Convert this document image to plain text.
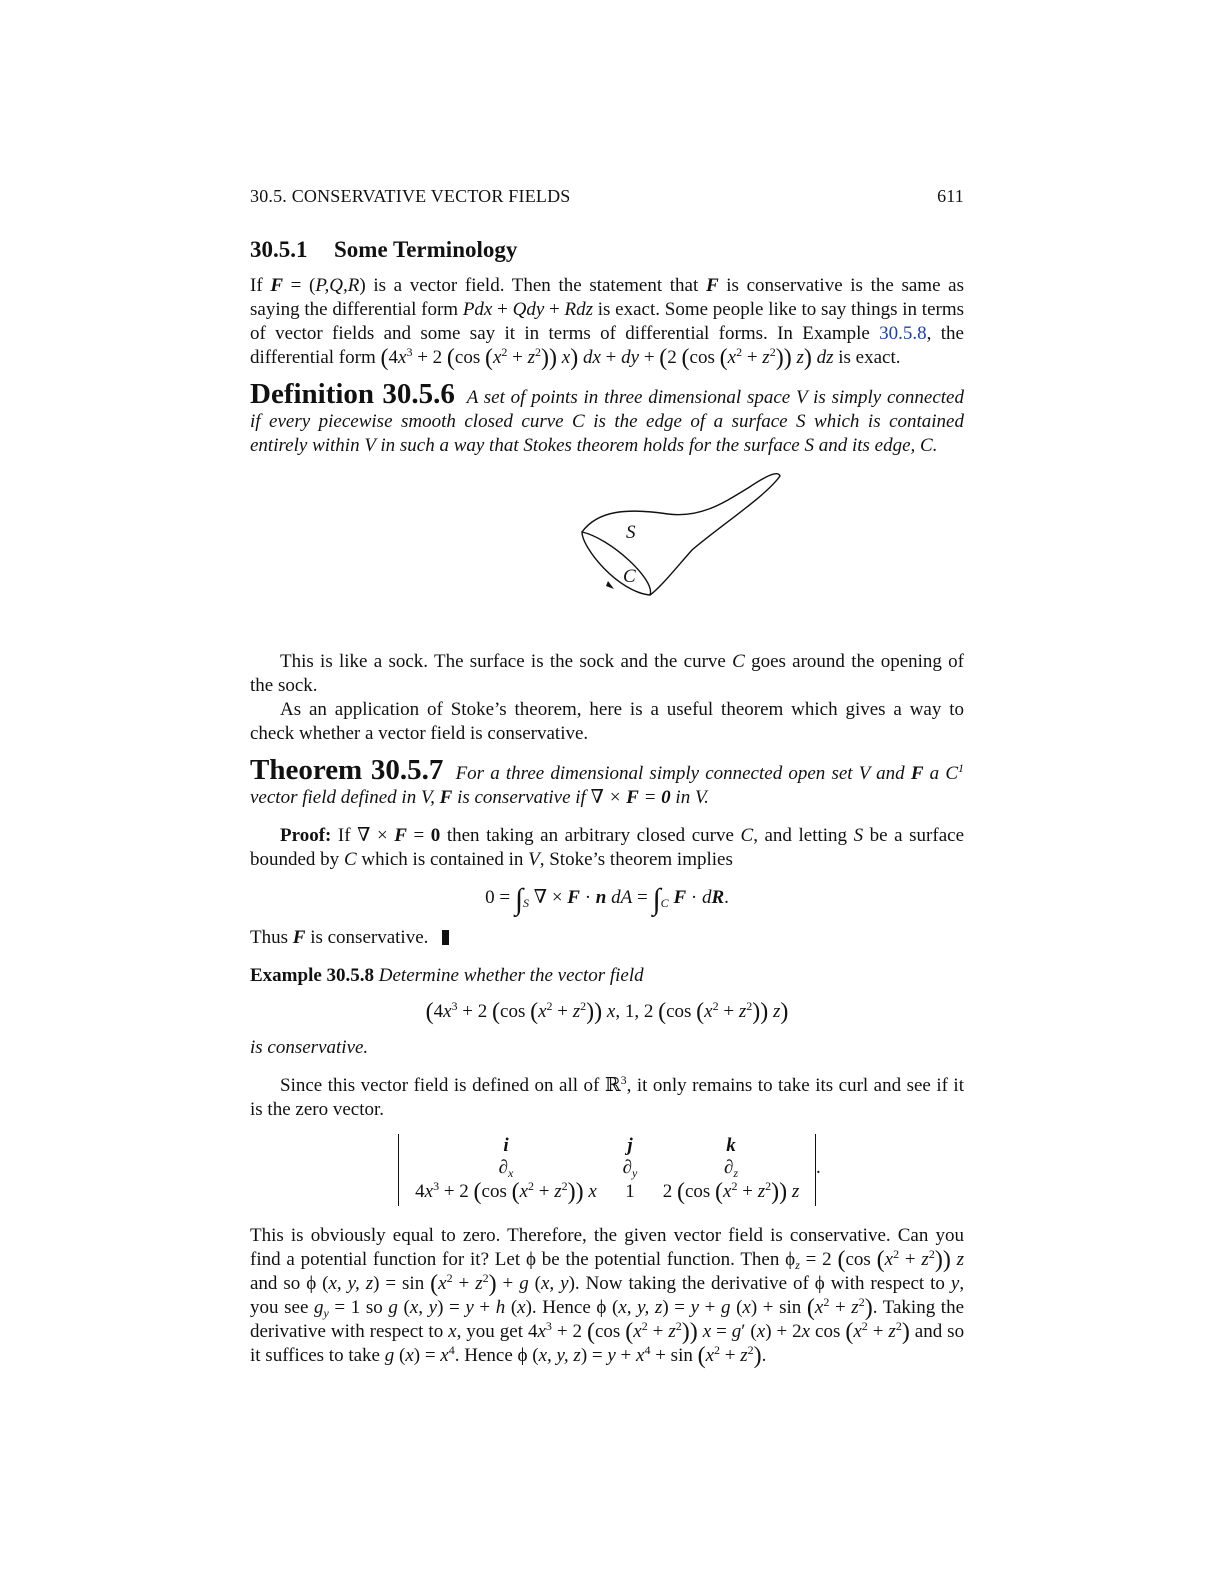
30.5. CONSERVATIVE VECTOR FIELDS	611
30.5.1 Some Terminology

If F = (P,Q,R) is a vector field. Then the statement that F is conservative is the same as saying the differential form Pdx + Qdy + Rdz is exact. Some people like to say things in terms of vector fields and some say it in terms of differential forms. In Example 30.5.8, the differential form ($4x^3 + 2$ (cos $(x^2 + z^2)$) x) dx + dy + (2 (cos $(x^2 + z^2)$) z) dz is exact.

Definition 30.5.6 A set of points in three dimensional space V is simply connected if every piecewise smooth closed curve C is the edge of a surface S which is contained entirely within V in such a way that Stokes theorem holds for the surface S and its edge, C.
S
C

This is like a sock. The surface is the sock and the curve C goes around the opening of the sock.

As an application of Stoke’s theorem, here is a useful theorem which gives a way to check whether a vector field is conservative.

Theorem 30.5.7 For a three dimensional simply connected open set V and F a $C^1$ vector field defined in V, F is conservative if ∇ × F = 0 in V.

Proof: If ∇ × F = 0 then taking an arbitrary closed curve C, and letting S be a surface bounded by C which is contained in V, Stoke’s theorem implies

$0 = \int_S$ ∇ × F · n dA = $\int_C$ F · dR.

Thus F is conservative.

Example 30.5.8 Determine whether the vector field

($4x^3 + 2$ (cos $(x^2 + z^2)$) x, 1, 2 (cos $(x^2 + z^2)$) z)

is conservative.

Since this vector field is defined on all of ℝ$^3$, it only remains to take its curl and see if it is the zero vector.

i	j	k
$\partial_x$	$\partial_y$	$\partial_z$
$4x^3 + 2$ (cos $(x^2 + z^2)$) x	1	2 (cos $(x^2 + z^2)$) z
.

This is obviously equal to zero. Therefore, the given vector field is conservative. Can you find a potential function for it? Let ϕ be the potential function. Then $\phi_z = 2$ (cos $(x^2 + z^2)$) z and so ϕ (x, y, $z) = \sin (x^2 + z^2) + g$ (x, y). Now taking the derivative of ϕ with respect to y, you see $g_y = 1$ so g (x, y) = y + h (x). Hence ϕ (x, y, z) = y + g $(x) + \sin (x^2 + z^2)$. Taking the derivative with respect to x, you get $4x^3 + 2$ (cos $(x^2 + z^2)$) x = g′ (x) + 2x $\cos (x^2 + z^2)$ and so it suffices to take g $(x) = x^4$. Hence ϕ (x, y, $z) = y + x^4 + \sin (x^2 + z^2)$.
